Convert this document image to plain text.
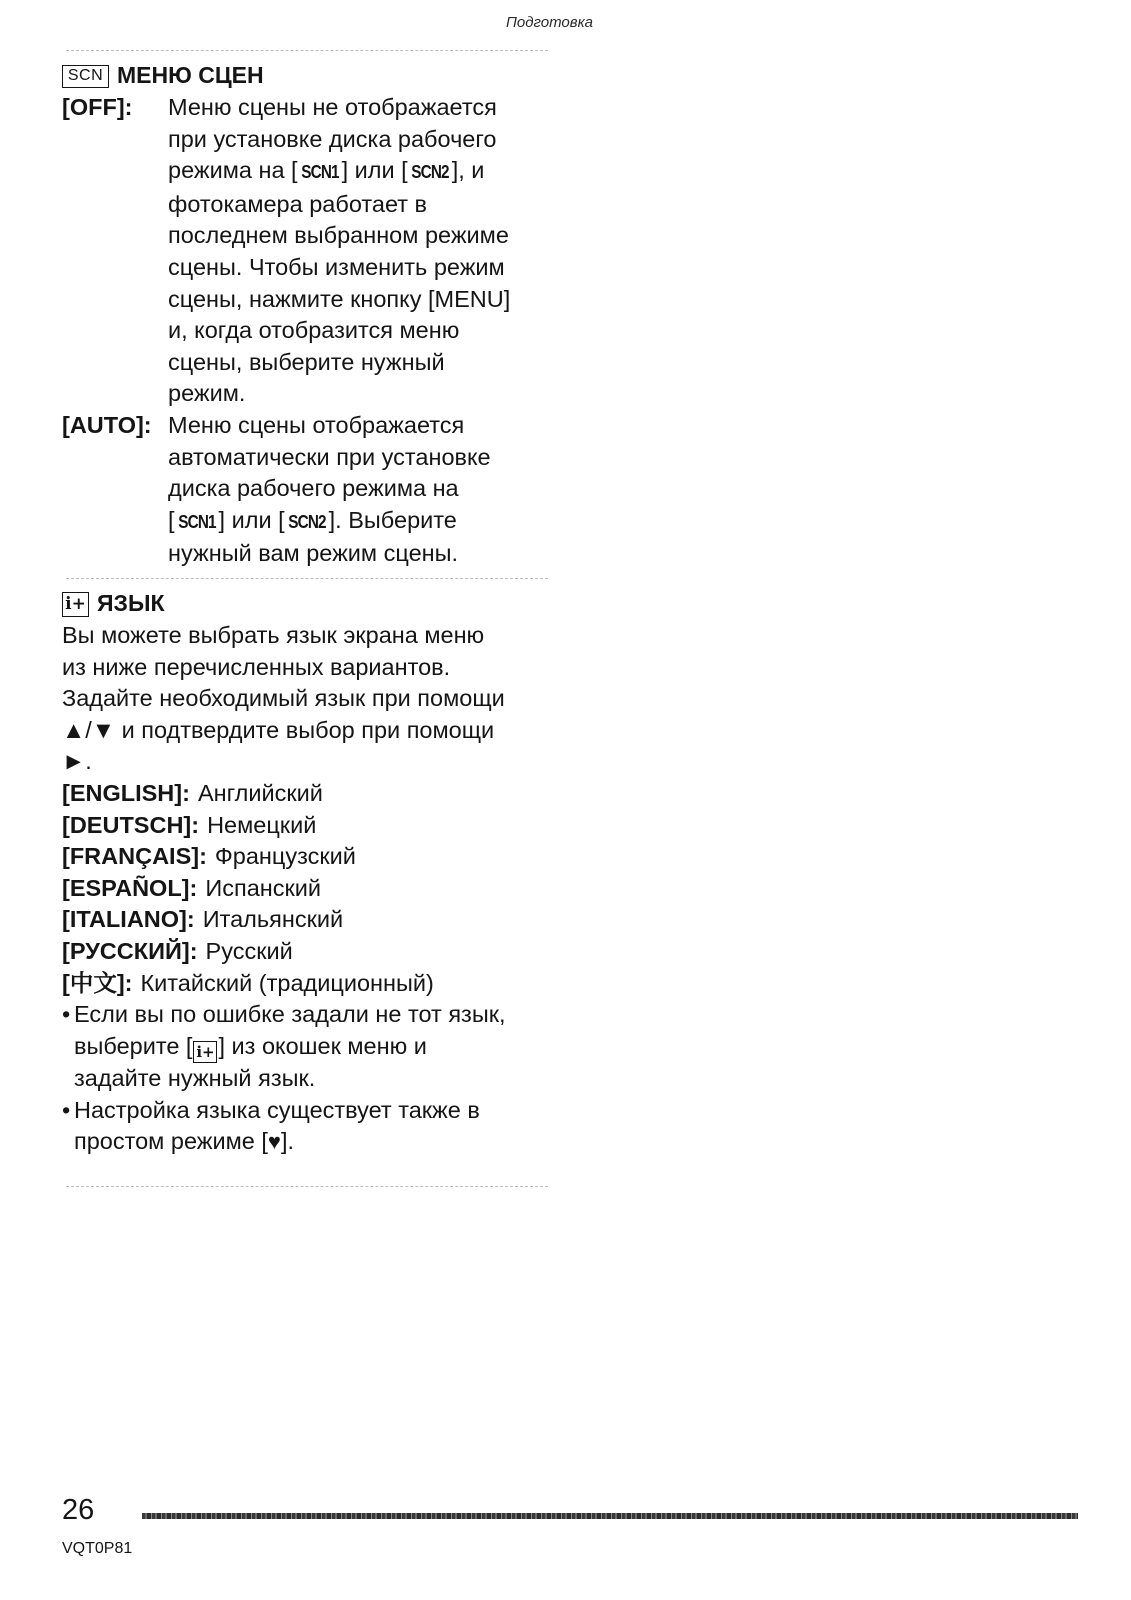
Подготовка
SCN МЕНЮ СЦЕН
[OFF]:	Меню сцены не отображается
при установке диска рабочего
режима на [ SCN1 ] или [ SCN2 ], и
фотокамера работает в
последнем выбранном режиме
сцены. Чтобы изменить режим
сцены, нажмите кнопку [MENU]
и, когда отобразится меню
сцены, выберите нужный
режим.
[AUTO]: Меню сцены отображается
автоматически при установке
диска рабочего режима на
[ SCN1 ] или [ SCN2 ]. Выберите
нужный вам режим сцены.
i+ ЯЗЫК
Вы можете выбрать язык экрана меню
из ниже перечисленных вариантов.
Задайте необходимый язык при помощи
▲/▼ и подтвердите выбор при помощи
►.
[ENGLISH]: Английский
[DEUTSCH]: Немецкий
[FRANÇAIS]: Французский
[ESPAÑOL]: Испанский
[ITALIANO]: Итальянский
[РУССКИЙ]: Русский
[中文]: Китайский (традиционный)
• Если вы по ошибке задали не тот язык,
выберите [ i+ ] из окошек меню и
задайте нужный язык.
• Настройка языка существует также в
простом режиме [♥].
26
VQT0P81
